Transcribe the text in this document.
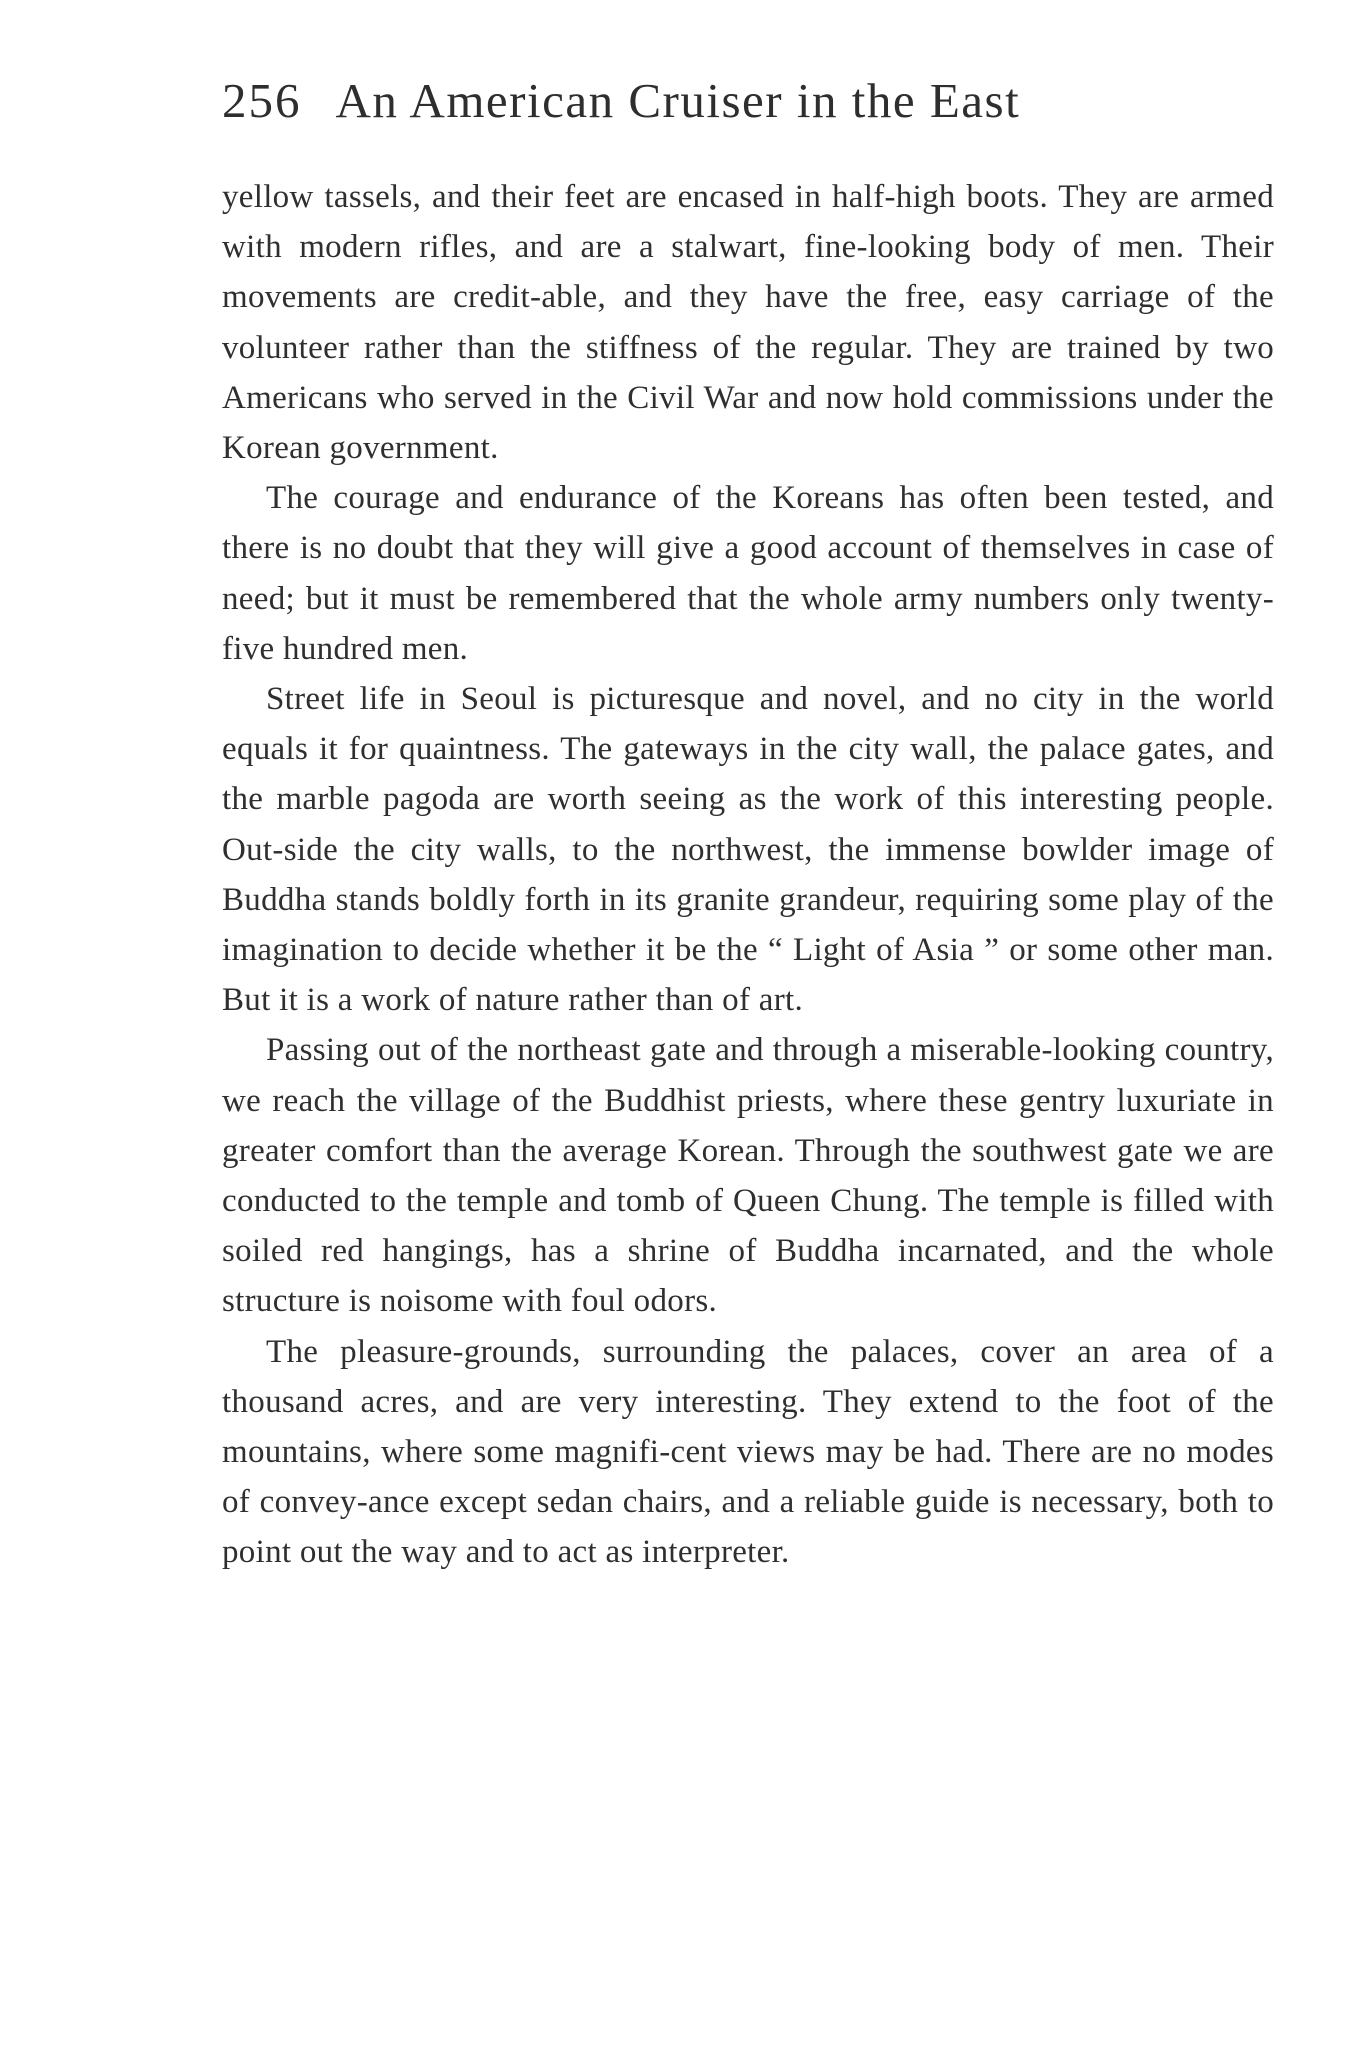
256 An American Cruiser in the East

yellow tassels, and their feet are encased in half-high boots. They are armed with modern rifles, and are a stalwart, fine-looking body of men. Their movements are credit-able, and they have the free, easy carriage of the volunteer rather than the stiffness of the regular. They are trained by two Americans who served in the Civil War and now hold commissions under the Korean government.

The courage and endurance of the Koreans has often been tested, and there is no doubt that they will give a good account of themselves in case of need; but it must be remembered that the whole army numbers only twenty-five hundred men.

Street life in Seoul is picturesque and novel, and no city in the world equals it for quaintness. The gateways in the city wall, the palace gates, and the marble pagoda are worth seeing as the work of this interesting people. Out-side the city walls, to the northwest, the immense bowlder image of Buddha stands boldly forth in its granite grandeur, requiring some play of the imagination to decide whether it be the “ Light of Asia ” or some other man. But it is a work of nature rather than of art.

Passing out of the northeast gate and through a miserable-looking country, we reach the village of the Buddhist priests, where these gentry luxuriate in greater comfort than the average Korean. Through the southwest gate we are conducted to the temple and tomb of Queen Chung. The temple is filled with soiled red hangings, has a shrine of Buddha incarnated, and the whole structure is noisome with foul odors.

The pleasure-grounds, surrounding the palaces, cover an area of a thousand acres, and are very interesting. They extend to the foot of the mountains, where some magnifi-cent views may be had. There are no modes of convey-ance except sedan chairs, and a reliable guide is necessary, both to point out the way and to act as interpreter.
